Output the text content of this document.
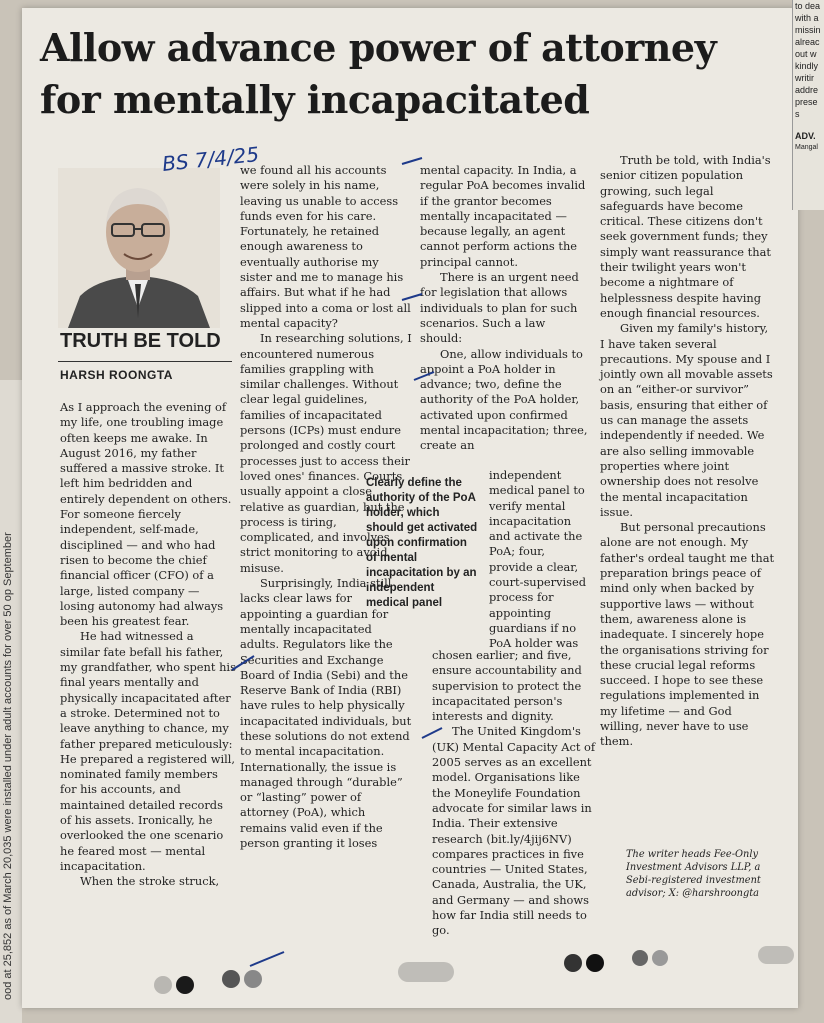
ood at 25,852 as of March 20,035 were installed under adult accounts for over 50 op September
Allow advance power of attorney for mentally incapacitated
BS 7/4/25
TRUTH BE TOLD
HARSH ROONGTA

As I approach the evening of my life, one troubling image often keeps me awake. In August 2016, my father suffered a massive stroke. It left him bedridden and entirely dependent on others. For someone fiercely independent, self-made, disciplined — and who had risen to become the chief financial officer (CFO) of a large, listed company — losing autonomy had always been his greatest fear.

He had witnessed a similar fate befall his father, my grandfather, who spent his final years mentally and physically incapacitated after a stroke. Determined not to leave anything to chance, my father prepared meticulously: He prepared a registered will, nominated family members for his accounts, and maintained detailed records of his assets. Ironically, he overlooked the one scenario he feared most — mental incapacitation.

When the stroke struck,

we found all his accounts were solely in his name, leaving us unable to access funds even for his care. Fortunately, he retained enough awareness to eventually authorise my sister and me to manage his affairs. But what if he had slipped into a coma or lost all mental capacity?

In researching solutions, I encountered numerous families grappling with similar challenges. Without clear legal guidelines, families of incapacitated persons (ICPs) must endure prolonged and costly court processes just to access their loved ones' finances. Courts usually appoint a close relative as guardian, but the process is tiring, complicated, and involves strict monitoring to avoid misuse.

Surprisingly, India still lacks clear laws for appointing a guardian for mentally incapacitated adults. Regulators like the Securities and Exchange Board of India (Sebi) and the Reserve Bank of India (RBI) have rules to help physically incapacitated individuals, but these solutions do not extend to mental incapacitation. Internationally, the issue is managed through “durable” or “lasting” power of attorney (PoA), which remains valid even if the person granting it loses

mental capacity. In India, a regular PoA becomes invalid if the grantor becomes mentally incapacitated — because legally, an agent cannot perform actions the principal cannot.

There is an urgent need for legislation that allows individuals to plan for such scenarios. Such a law should:

One, allow individuals to appoint a PoA holder in advance; two, define the authority of the PoA holder, activated upon confirmed mental incapacitation; three, create an

Clearly define the authority of the PoA holder, which should get activated upon confirmation of mental incapacitation by an independent medical panel

independent medical panel to verify mental incapacitation and activate the PoA; four, provide a clear, court-supervised process for appointing guardians if no PoA holder was

chosen earlier; and five, ensure accountability and supervision to protect the incapacitated person's interests and dignity.

The United Kingdom's (UK) Mental Capacity Act of 2005 serves as an excellent model. Organisations like the Moneylife Foundation advocate for similar laws in India. Their extensive research (bit.ly/4jij6NV) compares practices in five countries — United States, Canada, Australia, the UK, and Germany — and shows how far India still needs to go.

Truth be told, with India's senior citizen population growing, such legal safeguards have become critical. These citizens don't seek government funds; they simply want reassurance that their twilight years won't become a nightmare of helplessness despite having enough financial resources.

Given my family's history, I have taken several precautions. My spouse and I jointly own all movable assets on an “either-or survivor” basis, ensuring that either of us can manage the assets independently if needed. We are also selling immovable properties where joint ownership does not resolve the mental incapacitation issue.

But personal precautions alone are not enough. My father's ordeal taught me that preparation brings peace of mind only when backed by supportive laws — without them, awareness alone is inadequate. I sincerely hope the organisations striving for these crucial legal reforms succeed. I hope to see these regulations implemented in my lifetime — and God willing, never have to use them.

The writer heads Fee-Only Investment Advisors LLP, a Sebi-registered investment advisor; X: @harshroongta
to dea
with a
missin
alreac
out w
kindly
writir
addre
prese
s
ADV.
Mangal
